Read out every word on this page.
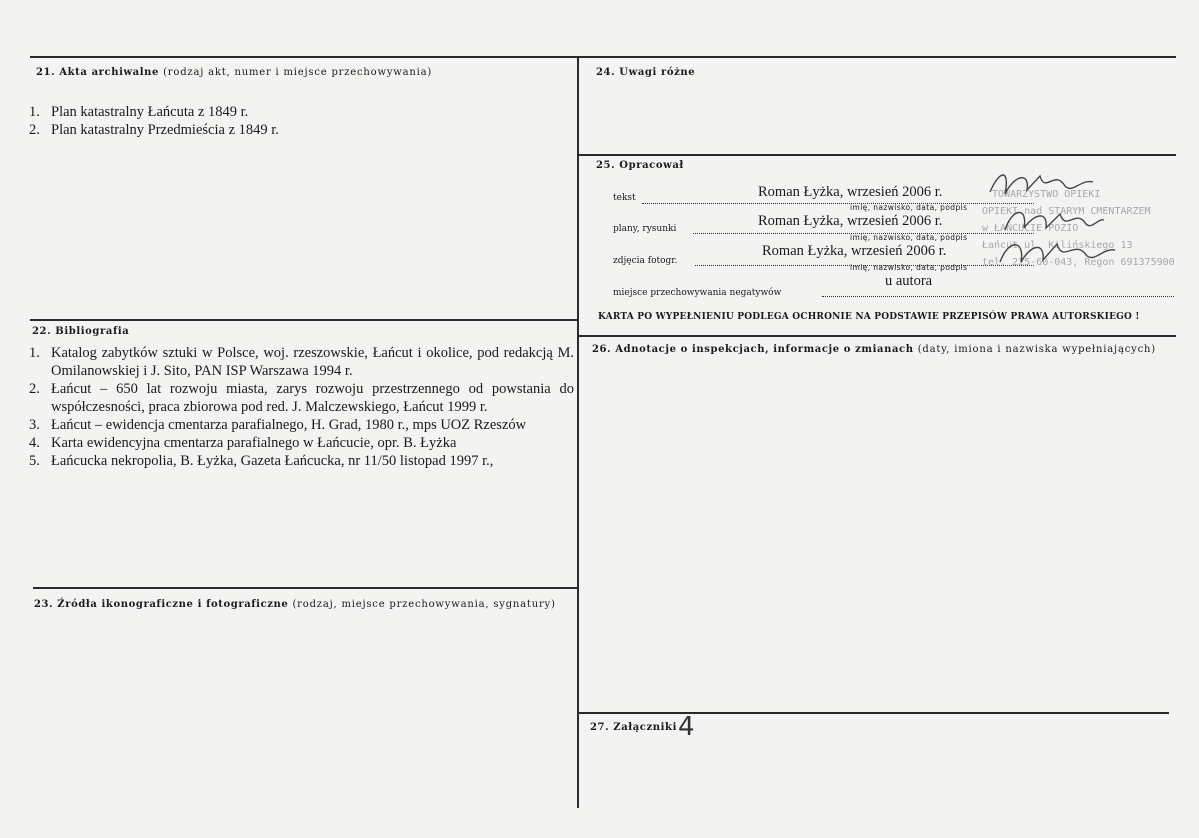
21. Akta archiwalne (rodzaj akt, numer i miejsce przechowywania)
1. Plan katastralny Łańcuta z 1849 r.
2. Plan katastralny Przedmieścia z 1849 r.
22. Bibliografia
1. Katalog zabytków sztuki w Polsce, woj. rzeszowskie, Łańcut i okolice, pod redakcją M. Omilanowskiej i J. Sito, PAN ISP Warszawa 1994 r.
2. Łańcut – 650 lat rozwoju miasta, zarys rozwoju przestrzennego od powstania do współczesności, praca zbiorowa pod red. J. Malczewskiego, Łańcut 1999 r.
3. Łańcut – ewidencja cmentarza parafialnego, H. Grad, 1980 r., mps UOZ Rzeszów
4. Karta ewidencyjna cmentarza parafialnego w Łańcucie, opr. B. Łyżka
5. Łańcucka nekropolia, B. Łyżka, Gazeta Łańcucka, nr 11/50 listopad 1997 r.,
23. Źródła ikonograficzne i fotograficzne (rodzaj, miejsce przechowywania, sygnatury)
24. Uwagi różne
25. Opracował
TOWARZYSTWO OPIEKI
OPIEKI nad STARYM CMENTARZEM
w ŁAŃCUCIE POZIO
Łańcut ul. Kilińskiego 13
tel. 225-60-043, Regon 691375900
tekst	Roman Łyżka, wrzesień 2006 r.
imię, nazwisko, data, podpis
plany, rysunki	Roman Łyżka, wrzesień 2006 r.
imię, nazwisko, data, podpis
zdjęcia fotogr.
Roman Łyżka, wrzesień 2006 r.
imię, nazwisko, data, podpis
miejsce przechowywania negatywów
u autora
KARTA PO WYPEŁNIENIU PODLEGA OCHRONIE NA PODSTAWIE PRZEPISÓW PRAWA AUTORSKIEGO !
26. Adnotacje o inspekcjach, informacje o zmianach (daty, imiona i nazwiska wypełniających)
27. Załączniki 4
